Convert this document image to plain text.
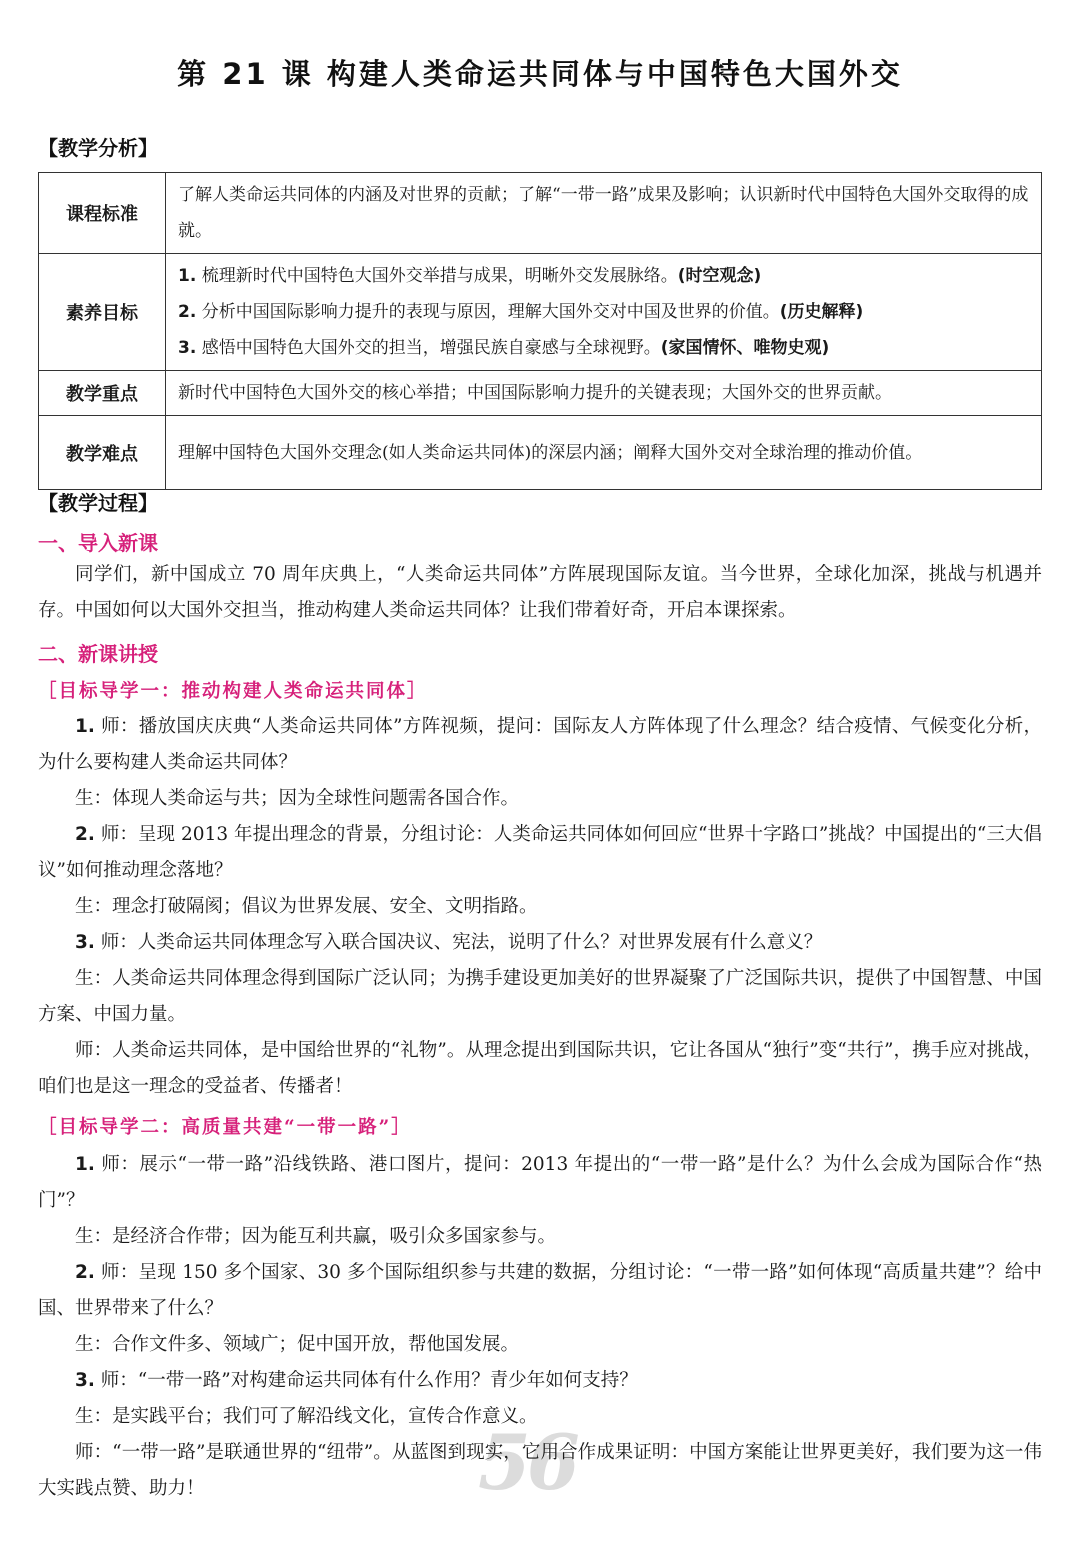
第 21 课 构建人类命运共同体与中国特色大国外交
【教学分析】
课程标准	了解人类命运共同体的内涵及对世界的贡献；了解“一带一路”成果及影响；认识新时代中国特色大国外交取得的成就。
素养目标	1. 梳理新时代中国特色大国外交举措与成果，明晰外交发展脉络。(时空观念)
2. 分析中国国际影响力提升的表现与原因，理解大国外交对中国及世界的价值。(历史解释)
3. 感悟中国特色大国外交的担当，增强民族自豪感与全球视野。(家国情怀、唯物史观)

教学重点	新时代中国特色大国外交的核心举措；中国国际影响力提升的关键表现；大国外交的世界贡献。
教学难点	理解中国特色大国外交理念(如人类命运共同体)的深层内涵；阐释大国外交对全球治理的推动价值。
【教学过程】
一、导入新课
同学们，新中国成立 70 周年庆典上，“人类命运共同体”方阵展现国际友谊。当今世界，全球化加深，挑战与机遇并存。中国如何以大国外交担当，推动构建人类命运共同体？让我们带着好奇，开启本课探索。
二、新课讲授
［目标导学一：推动构建人类命运共同体］
1. 师：播放国庆庆典“人类命运共同体”方阵视频，提问：国际友人方阵体现了什么理念？结合疫情、气候变化分析，为什么要构建人类命运共同体？
生：体现人类命运与共；因为全球性问题需各国合作。
2. 师：呈现 2013 年提出理念的背景，分组讨论：人类命运共同体如何回应“世界十字路口”挑战？中国提出的“三大倡议”如何推动理念落地？
生：理念打破隔阂；倡议为世界发展、安全、文明指路。
3. 师：人类命运共同体理念写入联合国决议、宪法，说明了什么？对世界发展有什么意义？
生：人类命运共同体理念得到国际广泛认同；为携手建设更加美好的世界凝聚了广泛国际共识，提供了中国智慧、中国方案、中国力量。
师：人类命运共同体，是中国给世界的“礼物”。从理念提出到国际共识，它让各国从“独行”变“共行”，携手应对挑战，咱们也是这一理念的受益者、传播者！
［目标导学二：高质量共建“一带一路”］
1. 师：展示“一带一路”沿线铁路、港口图片，提问：2013 年提出的“一带一路”是什么？为什么会成为国际合作“热门”？
生：是经济合作带；因为能互利共赢，吸引众多国家参与。
2. 师：呈现 150 多个国家、30 多个国际组织参与共建的数据，分组讨论：“一带一路”如何体现“高质量共建”？给中国、世界带来了什么？
生：合作文件多、领域广；促中国开放，帮他国发展。
3. 师：“一带一路”对构建命运共同体有什么作用？青少年如何支持？
生：是实践平台；我们可了解沿线文化，宣传合作意义。
56
师：“一带一路”是联通世界的“纽带”。从蓝图到现实，它用合作成果证明：中国方案能让世界更美好，我们要为这一伟大实践点赞、助力！
